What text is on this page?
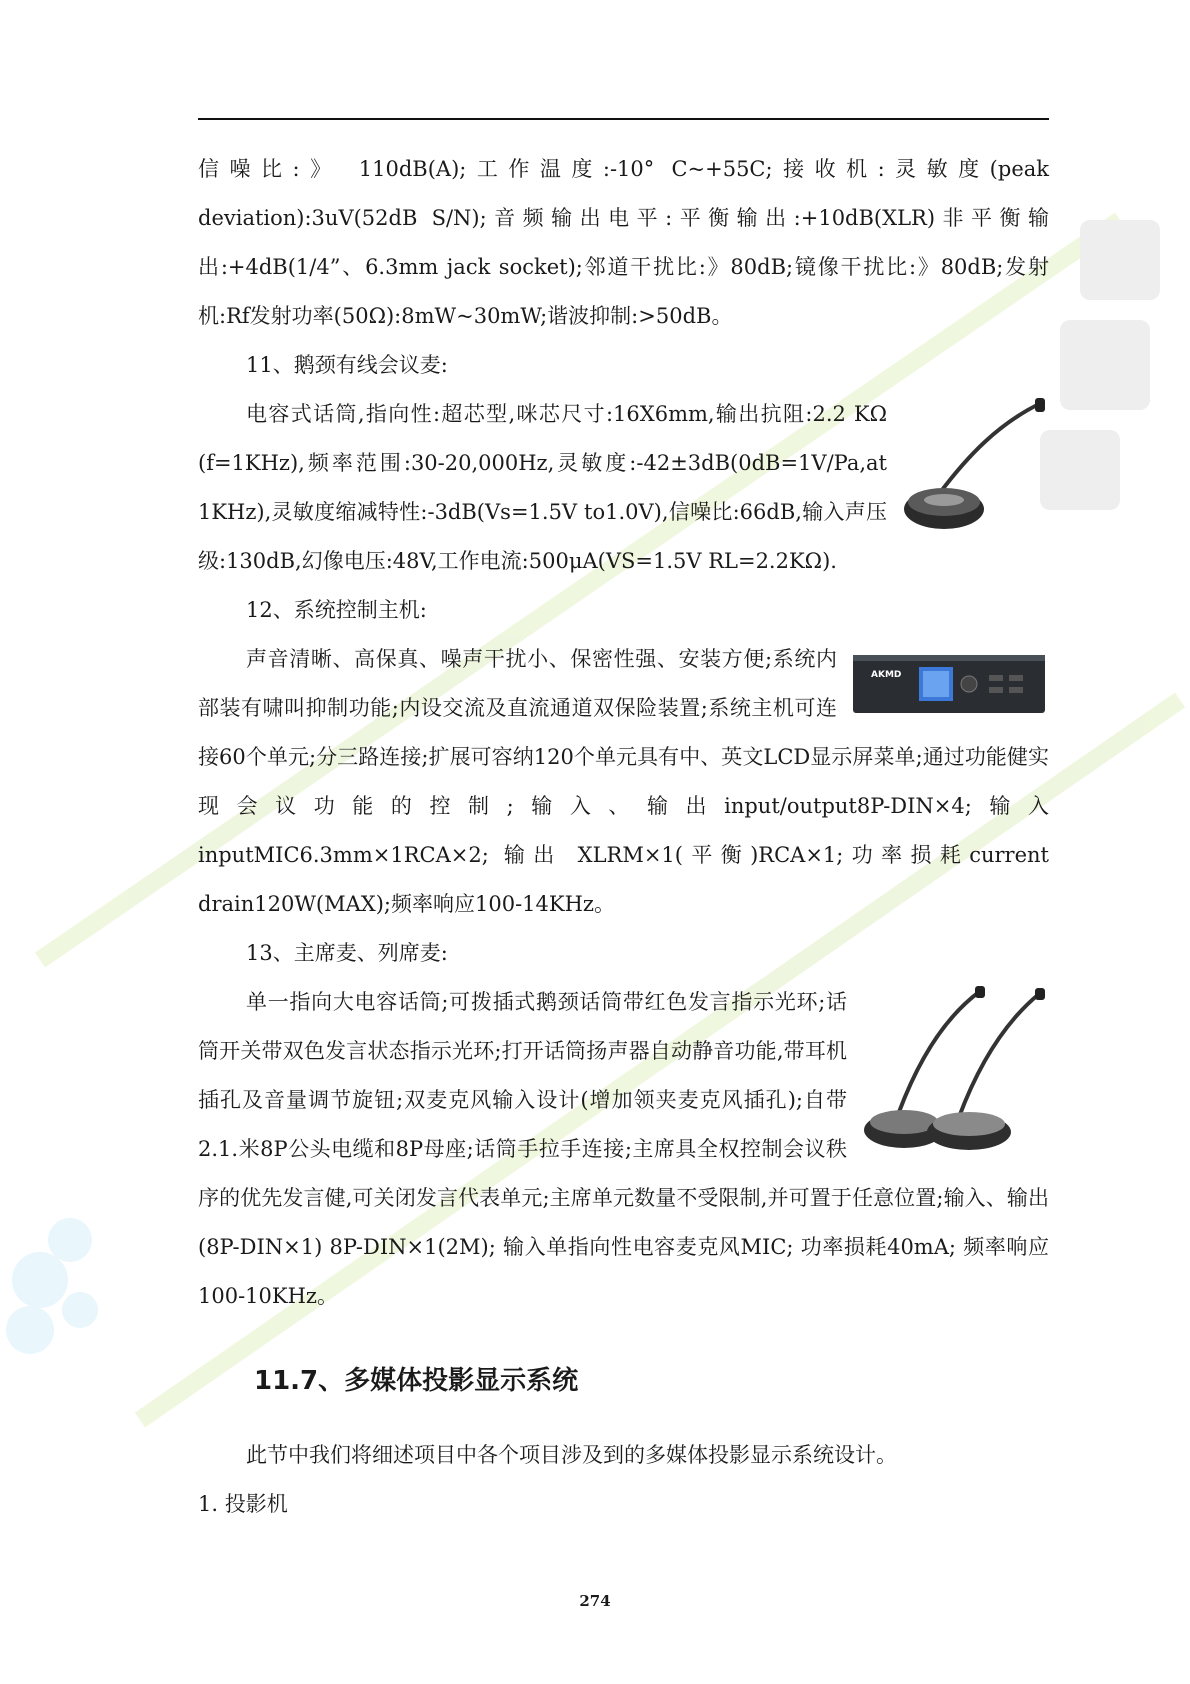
信噪比:》 110dB(A);工作温度:-10° C~+55C;接收机:灵敏度(peak deviation):3uV(52dB S/N);音频输出电平:平衡输出:+10dB(XLR)非平衡输出:+4dB(1/4”、6.3mm jack socket);邻道干扰比:》80dB;镜像干扰比:》80dB;发射机:Rf发射功率(50Ω):8mW~30mW;谐波抑制:>50dB。

11、鹅颈有线会议麦:

电容式话筒,指向性:超芯型,咪芯尺寸:16X6mm,输出抗阻:2.2 KΩ (f=1KHz),频率范围:30-20,000Hz,灵敏度:-42±3dB(0dB=1V/Pa,at 1KHz),灵敏度缩减特性:-3dB(Vs=1.5V to1.0V),信噪比:66dB,输入声压级:130dB,幻像电压:48V,工作电流:500μA(VS=1.5V RL=2.2KΩ).

12、系统控制主机:

AKMD

声音清晰、高保真、噪声干扰小、保密性强、安装方便;系统内部装有啸叫抑制功能;内设交流及直流通道双保险装置;系统主机可连接60个单元;分三路连接;扩展可容纳120个单元具有中、英文LCD显示屏菜单;通过功能健实现会议功能的控制;输入、输出input/output8P-DIN×4;输入inputMIC6.3mm×1RCA×2; 输出 XLRM×1(平衡)RCA×1;功率损耗current drain120W(MAX);频率响应100-14KHz。

13、主席麦、列席麦:

单一指向大电容话筒;可拨插式鹅颈话筒带红色发言指示光环;话筒开关带双色发言状态指示光环;打开话筒扬声器自动静音功能,带耳机插孔及音量调节旋钮;双麦克风输入设计(增加领夹麦克风插孔);自带2.1.米8P公头电缆和8P母座;话筒手拉手连接;主席具全权控制会议秩序的优先发言健,可关闭发言代表单元;主席单元数量不受限制,并可置于任意位置;输入、输出(8P-DIN×1) 8P-DIN×1(2M); 输入单指向性电容麦克风MIC; 功率损耗40mA; 频率响应100-10KHz。

11.7、多媒体投影显示系统

此节中我们将细述项目中各个项目涉及到的多媒体投影显示系统设计。

1. 投影机

274
